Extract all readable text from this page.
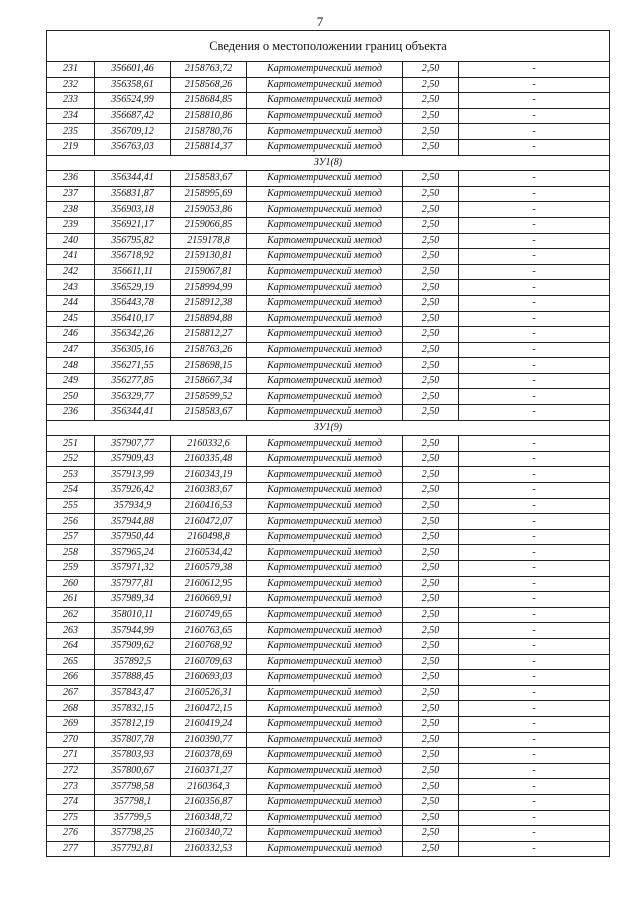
7
Сведения о местоположении границ объекта					
231	356601,46	2158763,72	Картометрический метод	2,50	-
232	356358,61	2158568,26	Картометрический метод	2,50	-
233	356524,99	2158684,85	Картометрический метод	2,50	-
234	356687,42	2158810,86	Картометрический метод	2,50	-
235	356709,12	2158780,76	Картометрический метод	2,50	-
219	356763,03	2158814,37	Картометрический метод	2,50	-
ЗУ1(8)					
236	356344,41	2158583,67	Картометрический метод	2,50	-
237	356831,87	2158995,69	Картометрический метод	2,50	-
238	356903,18	2159053,86	Картометрический метод	2,50	-
239	356921,17	2159066,85	Картометрический метод	2,50	-
240	356795,82	2159178,8	Картометрический метод	2,50	-
241	356718,92	2159130,81	Картометрический метод	2,50	-
242	356611,11	2159067,81	Картометрический метод	2,50	-
243	356529,19	2158994,99	Картометрический метод	2,50	-
244	356443,78	2158912,38	Картометрический метод	2,50	-
245	356410,17	2158894,88	Картометрический метод	2,50	-
246	356342,26	2158812,27	Картометрический метод	2,50	-
247	356305,16	2158763,26	Картометрический метод	2,50	-
248	356271,55	2158698,15	Картометрический метод	2,50	-
249	356277,85	2158667,34	Картометрический метод	2,50	-
250	356329,77	2158599,52	Картометрический метод	2,50	-
236	356344,41	2158583,67	Картометрический метод	2,50	-
ЗУ1(9)					
251	357907,77	2160332,6	Картометрический метод	2,50	-
252	357909,43	2160335,48	Картометрический метод	2,50	-
253	357913,99	2160343,19	Картометрический метод	2,50	-
254	357926,42	2160383,67	Картометрический метод	2,50	-
255	357934,9	2160416,53	Картометрический метод	2,50	-
256	357944,88	2160472,07	Картометрический метод	2,50	-
257	357950,44	2160498,8	Картометрический метод	2,50	-
258	357965,24	2160534,42	Картометрический метод	2,50	-
259	357971,32	2160579,38	Картометрический метод	2,50	-
260	357977,81	2160612,95	Картометрический метод	2,50	-
261	357989,34	2160669,91	Картометрический метод	2,50	-
262	358010,11	2160749,65	Картометрический метод	2,50	-
263	357944,99	2160763,65	Картометрический метод	2,50	-
264	357909,62	2160768,92	Картометрический метод	2,50	-
265	357892,5	2160709,63	Картометрический метод	2,50	-
266	357888,45	2160693,03	Картометрический метод	2,50	-
267	357843,47	2160526,31	Картометрический метод	2,50	-
268	357832,15	2160472,15	Картометрический метод	2,50	-
269	357812,19	2160419,24	Картометрический метод	2,50	-
270	357807,78	2160390,77	Картометрический метод	2,50	-
271	357803,93	2160378,69	Картометрический метод	2,50	-
272	357800,67	2160371,27	Картометрический метод	2,50	-
273	357798,58	2160364,3	Картометрический метод	2,50	-
274	357798,1	2160356,87	Картометрический метод	2,50	-
275	357799,5	2160348,72	Картометрический метод	2,50	-
276	357798,25	2160340,72	Картометрический метод	2,50	-
277	357792,81	2160332,53	Картометрический метод	2,50	-
